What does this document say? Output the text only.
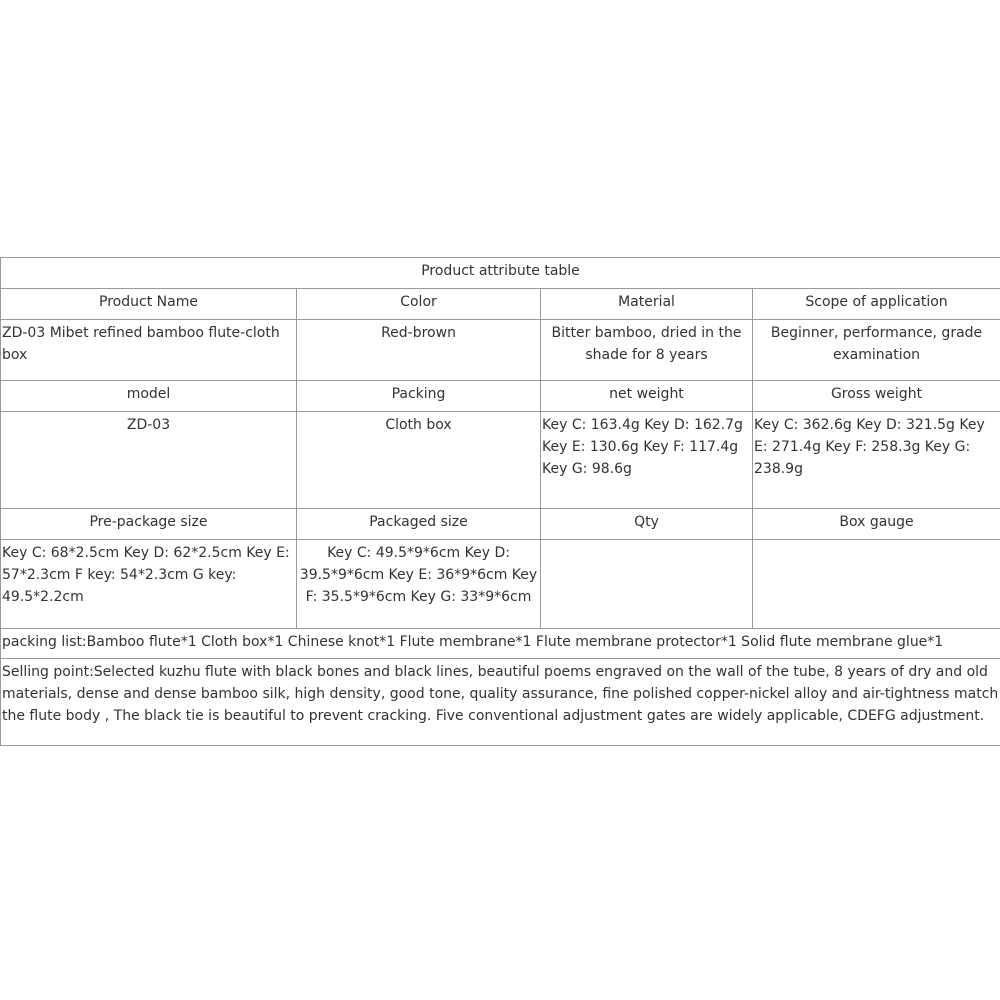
Product attribute table			
Product Name	Color	Material	Scope of application
ZD-03 Mibet refined bamboo flute-cloth box	Red-brown	Bitter bamboo, dried in the shade for 8 years	Beginner, performance, grade examination
model	Packing	net weight	Gross weight
ZD-03	Cloth box	Key C: 163.4g Key D: 162.7g Key E: 130.6g Key F: 117.4g Key G: 98.6g	Key C: 362.6g Key D: 321.5g Key E: 271.4g Key F: 258.3g Key G: 238.9g
Pre-package size	Packaged size	Qty	Box gauge
Key C: 68*2.5cm Key D: 62*2.5cm Key E: 57*2.3cm F key: 54*2.3cm G key: 49.5*2.2cm	Key C: 49.5*9*6cm Key D: 39.5*9*6cm Key E: 36*9*6cm Key F: 35.5*9*6cm Key G: 33*9*6cm		
packing list:Bamboo flute*1 Cloth box*1 Chinese knot*1 Flute membrane*1 Flute membrane protector*1 Solid flute membrane glue*1			
Selling point:Selected kuzhu flute with black bones and black lines, beautiful poems engraved on the wall of the tube, 8 years of dry and old materials, dense and dense bamboo silk, high density, good tone, quality assurance, fine polished copper-nickel alloy and air-tightness match the flute body , The black tie is beautiful to prevent cracking. Five conventional adjustment gates are widely applicable, CDEFG adjustment.			
